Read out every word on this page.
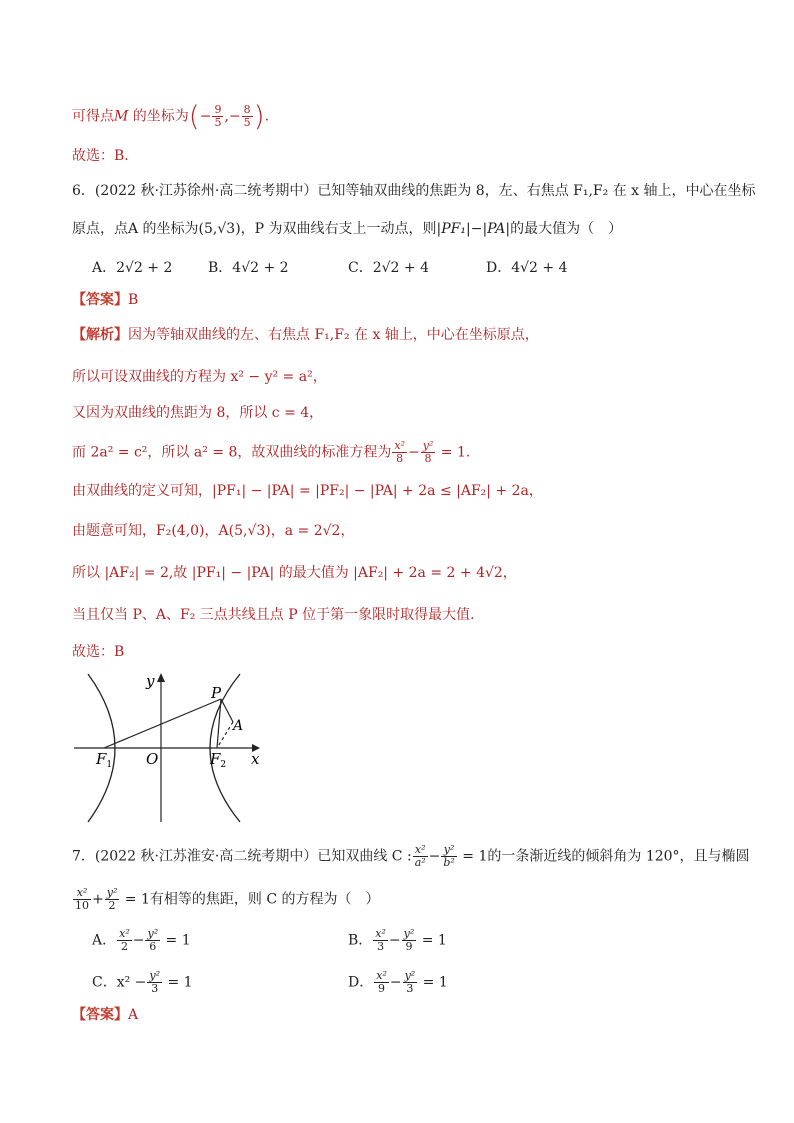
可得点M 的坐标为(− $\frac{9}{5}$ ,− $\frac{8}{5}$ ).
故选：B.
6．(2022 秋·江苏徐州·高二统考期中）已知等轴双曲线的焦距为 8，左、右焦点 F₁,F₂ 在 x 轴上，中心在坐标
原点，点A 的坐标为(5,√3)，P 为双曲线右支上一动点，则|PF₁|−|PA|的最大值为（　）
A．2√2 + 2	B．4√2 + 2	C．2√2 + 4	D．4√2 + 4
【答案】B
【解析】因为等轴双曲线的左、右焦点 F₁,F₂ 在 x 轴上，中心在坐标原点，
所以可设双曲线的方程为 x² − y² = a²，
又因为双曲线的焦距为 8，所以 c = 4，
而 2a² = c²，所以 a² = 8，故双曲线的标准方程为 $\frac{\text{x²}}{8} - \frac{\text{y²}}{8} = 1$.
由双曲线的定义可知，|PF₁| − |PA| = |PF₂| − |PA| + 2a ≤ |AF₂| + 2a，
由题意可知，F₂(4,0)，A(5,√3)，a = 2√2，
所以 |AF₂| = 2,故 |PF₁| − |PA| 的最大值为 |AF₂| + 2a = 2 + 4√2，
当且仅当 P、A、F₂ 三点共线且点 P 位于第一象限时取得最大值.
故选：B
y
x
P
A
O
$F_1$	$F_2$
7．(2022 秋·江苏淮安·高二统考期中）已知双曲线 C : $\frac{\text{x²}}{\text{a²}} - \frac{\text{y²}}{\text{b²}} = 1$的一条渐近线的倾斜角为 120°，且与椭圆
$\frac{\text{x²}}{10} + \frac{\text{y²}}{2} = 1$有相等的焦距，则 C 的方程为（　）
A． $\frac{\text{x²}}{2} - \frac{\text{y²}}{6} = 1$	B． $\frac{\text{x²}}{3} - \frac{\text{y²}}{9} = 1$
C．$x^2 - \frac{\text{y²}}{3} = 1$	D． $\frac{\text{x²}}{9} - \frac{\text{y²}}{3} = 1$
【答案】A
